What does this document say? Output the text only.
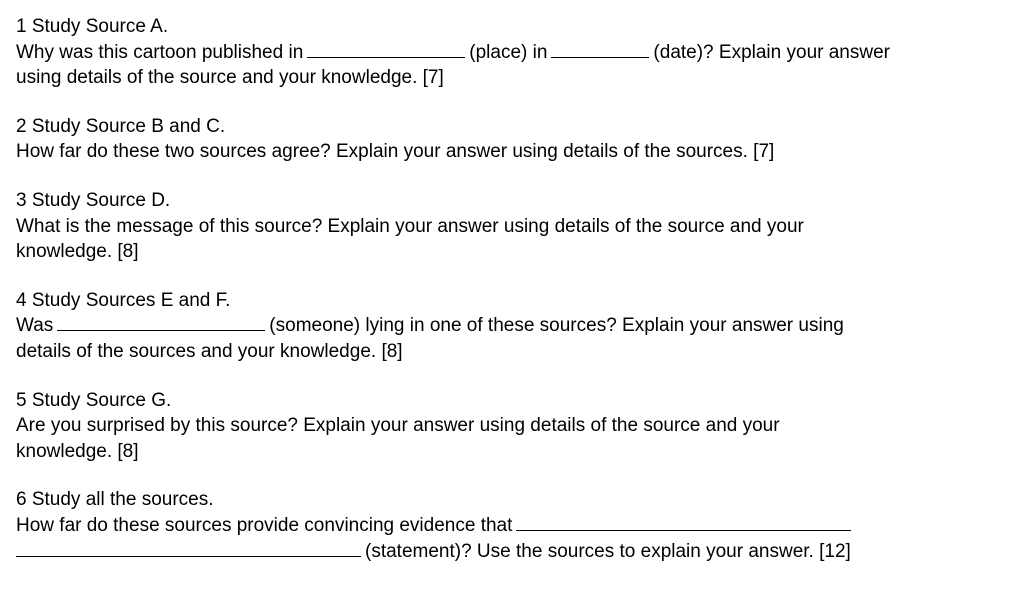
1 Study Source A.
Why was this cartoon published in	(place) in	(date)? Explain your answer
using details of the source and your knowledge. [7]
2 Study Source B and C.
How far do these two sources agree? Explain your answer using details of the sources. [7]
3 Study Source D.
What is the message of this source? Explain your answer using details of the source and your
knowledge. [8]
4 Study Sources E and F.
Was	(someone) lying in one of these sources? Explain your answer using
details of the sources and your knowledge. [8]
5 Study Source G.
Are you surprised by this source? Explain your answer using details of the source and your
knowledge. [8]
6 Study all the sources.
How far do these sources provide convincing evidence that
(statement)? Use the sources to explain your answer. [12]
